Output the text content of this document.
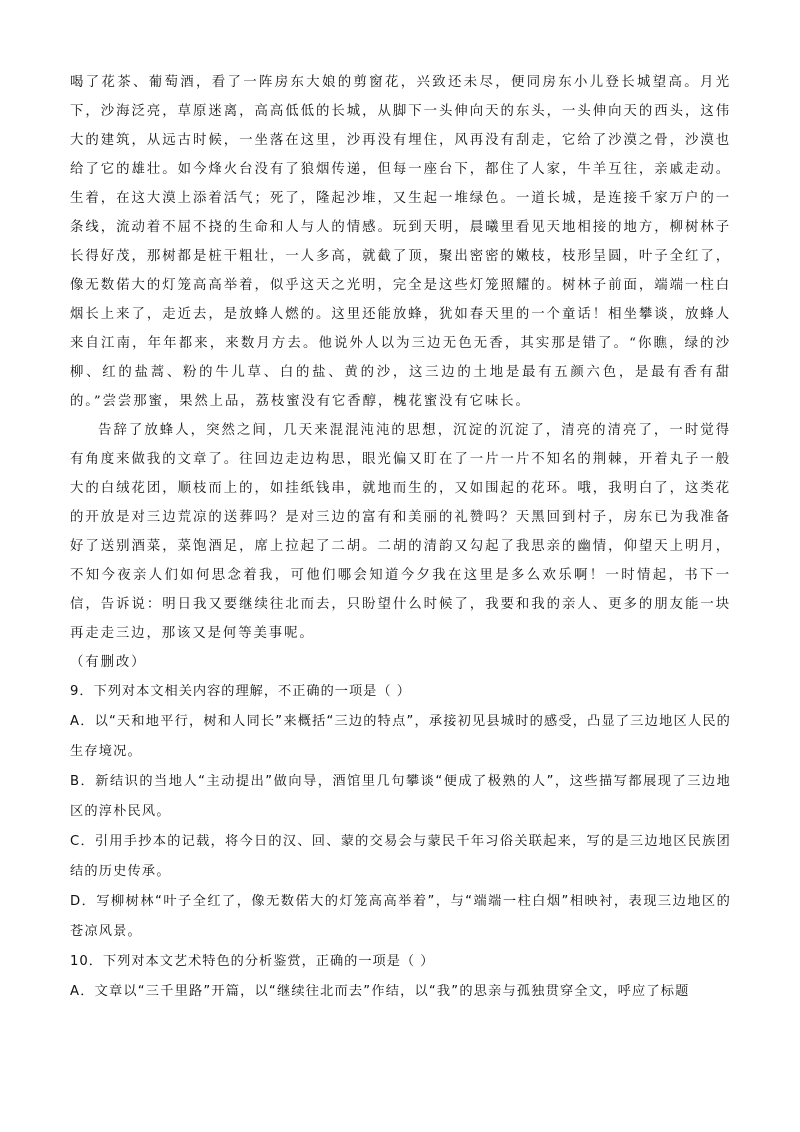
喝了花茶、葡萄酒，看了一阵房东大娘的剪窗花，兴致还未尽，便同房东小儿登长城望高。月光下，沙海泛亮，草原迷离，高高低低的长城，从脚下一头伸向天的东头，一头伸向天的西头，这伟大的建筑，从远古时候，一坐落在这里，沙再没有埋住，风再没有刮走，它给了沙漠之骨，沙漠也给了它的雄壮。如今烽火台没有了狼烟传递，但每一座台下，都住了人家，牛羊互往，亲戚走动。生着，在这大漠上添着活气；死了，隆起沙堆，又生起一堆绿色。一道长城，是连接千家万户的一条线，流动着不屈不挠的生命和人与人的情感。玩到天明，晨曦里看见天地相接的地方，柳树林子长得好茂，那树都是桩干粗壮，一人多高，就截了顶，聚出密密的嫩枝，枝形呈圆，叶子全红了，像无数偌大的灯笼高高举着，似乎这天之光明，完全是这些灯笼照耀的。树林子前面，端端一柱白烟长上来了，走近去，是放蜂人燃的。这里还能放蜂，犹如春天里的一个童话！相坐攀谈，放蜂人来自江南，年年都来，来数月方去。他说外人以为三边无色无香，其实那是错了。“你瞧，绿的沙柳、红的盐蒿、粉的牛儿草、白的盐、黄的沙，这三边的土地是最有五颜六色，是最有香有甜的。”尝尝那蜜，果然上品，荔枝蜜没有它香醇，槐花蜜没有它味长。

告辞了放蜂人，突然之间，几天来混混沌沌的思想，沉淀的沉淀了，清亮的清亮了，一时觉得有角度来做我的文章了。往回边走边构思，眼光偏又盯在了一片一片不知名的荆棘，开着丸子一般大的白绒花团，顺枝而上的，如挂纸钱串，就地而生的，又如围起的花环。哦，我明白了，这类花的开放是对三边荒凉的送葬吗？是对三边的富有和美丽的礼赞吗？天黑回到村子，房东已为我准备好了送别酒菜，菜饱酒足，席上拉起了二胡。二胡的清韵又勾起了我思亲的幽情，仰望天上明月，不知今夜亲人们如何思念着我，可他们哪会知道今夕我在这里是多么欢乐啊！一时情起，书下一信，告诉说：明日我又要继续往北而去，只盼望什么时候了，我要和我的亲人、更多的朋友能一块再走走三边，那该又是何等美事呢。

（有删改）

9．下列对本文相关内容的理解，不正确的一项是（ ）

A．以“天和地平行，树和人同长”来概括“三边的特点”，承接初见县城时的感受，凸显了三边地区人民的生存境况。

B．新结识的当地人“主动提出”做向导，酒馆里几句攀谈“便成了极熟的人”，这些描写都展现了三边地区的淳朴民风。

C．引用手抄本的记载，将今日的汉、回、蒙的交易会与蒙民千年习俗关联起来，写的是三边地区民族团结的历史传承。

D．写柳树林“叶子全红了，像无数偌大的灯笼高高举着”，与“端端一柱白烟”相映衬，表现三边地区的苍凉风景。

10．下列对本文艺术特色的分析鉴赏，正确的一项是（ ）

A．文章以“三千里路”开篇，以“继续往北而去”作结，以“我”的思亲与孤独贯穿全文，呼应了标题
